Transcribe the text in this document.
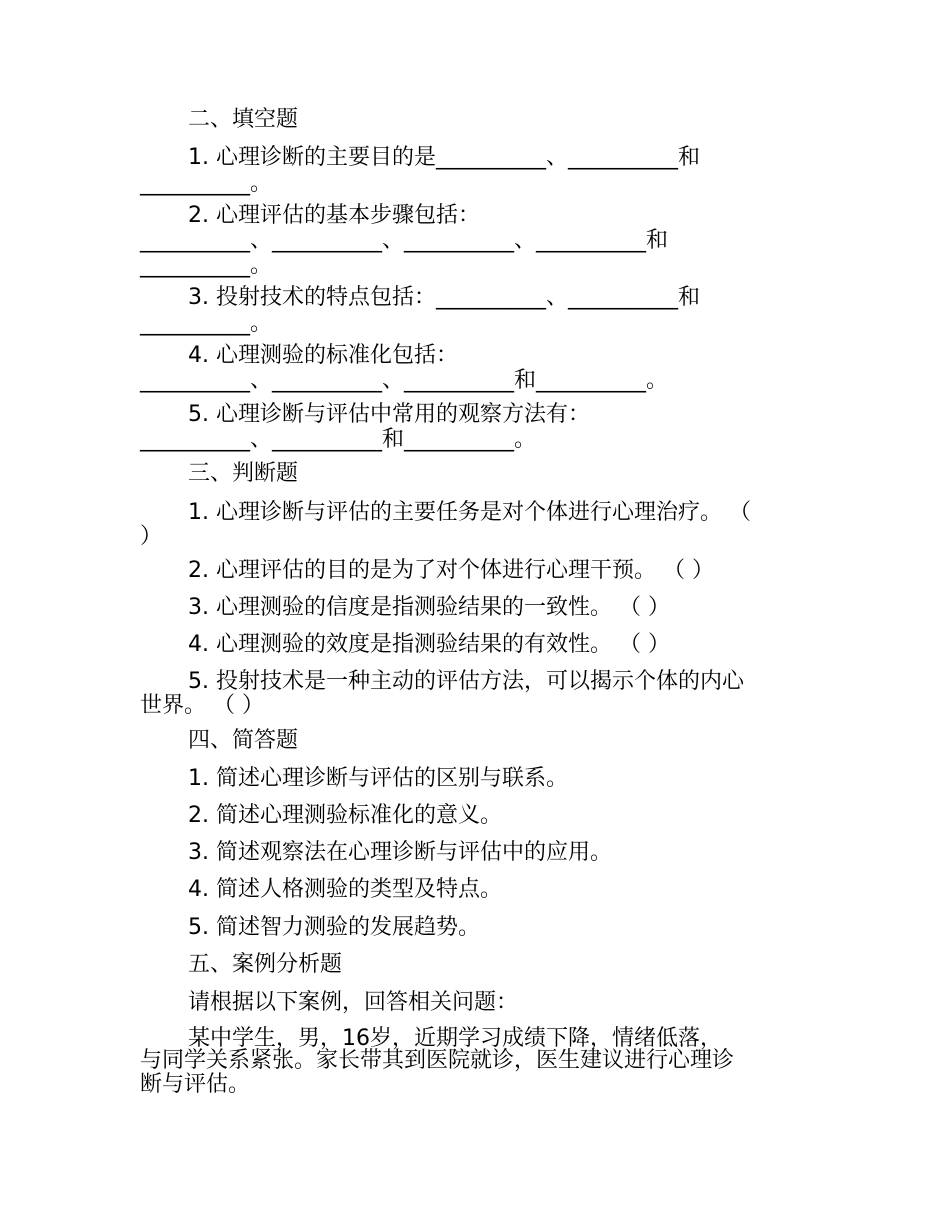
二、填空题
1. 心理诊断的主要目的是__________、__________和
__________。
2. 心理评估的基本步骤包括：
__________、__________、__________、__________和
__________。
3. 投射技术的特点包括：__________、__________和
__________。
4. 心理测验的标准化包括：
__________、__________、__________和__________。
5. 心理诊断与评估中常用的观察方法有：
__________、__________和__________。
三、判断题
1. 心理诊断与评估的主要任务是对个体进行心理治疗。 （
）
2. 心理评估的目的是为了对个体进行心理干预。 （ ）
3. 心理测验的信度是指测验结果的一致性。 （ ）
4. 心理测验的效度是指测验结果的有效性。 （ ）
5. 投射技术是一种主动的评估方法，可以揭示个体的内心
世界。 （ ）
四、简答题
1. 简述心理诊断与评估的区别与联系。
2. 简述心理测验标准化的意义。
3. 简述观察法在心理诊断与评估中的应用。
4. 简述人格测验的类型及特点。
5. 简述智力测验的发展趋势。
五、案例分析题
请根据以下案例，回答相关问题：
某中学生，男，16岁，近期学习成绩下降，情绪低落，
与同学关系紧张。家长带其到医院就诊，医生建议进行心理诊
断与评估。
